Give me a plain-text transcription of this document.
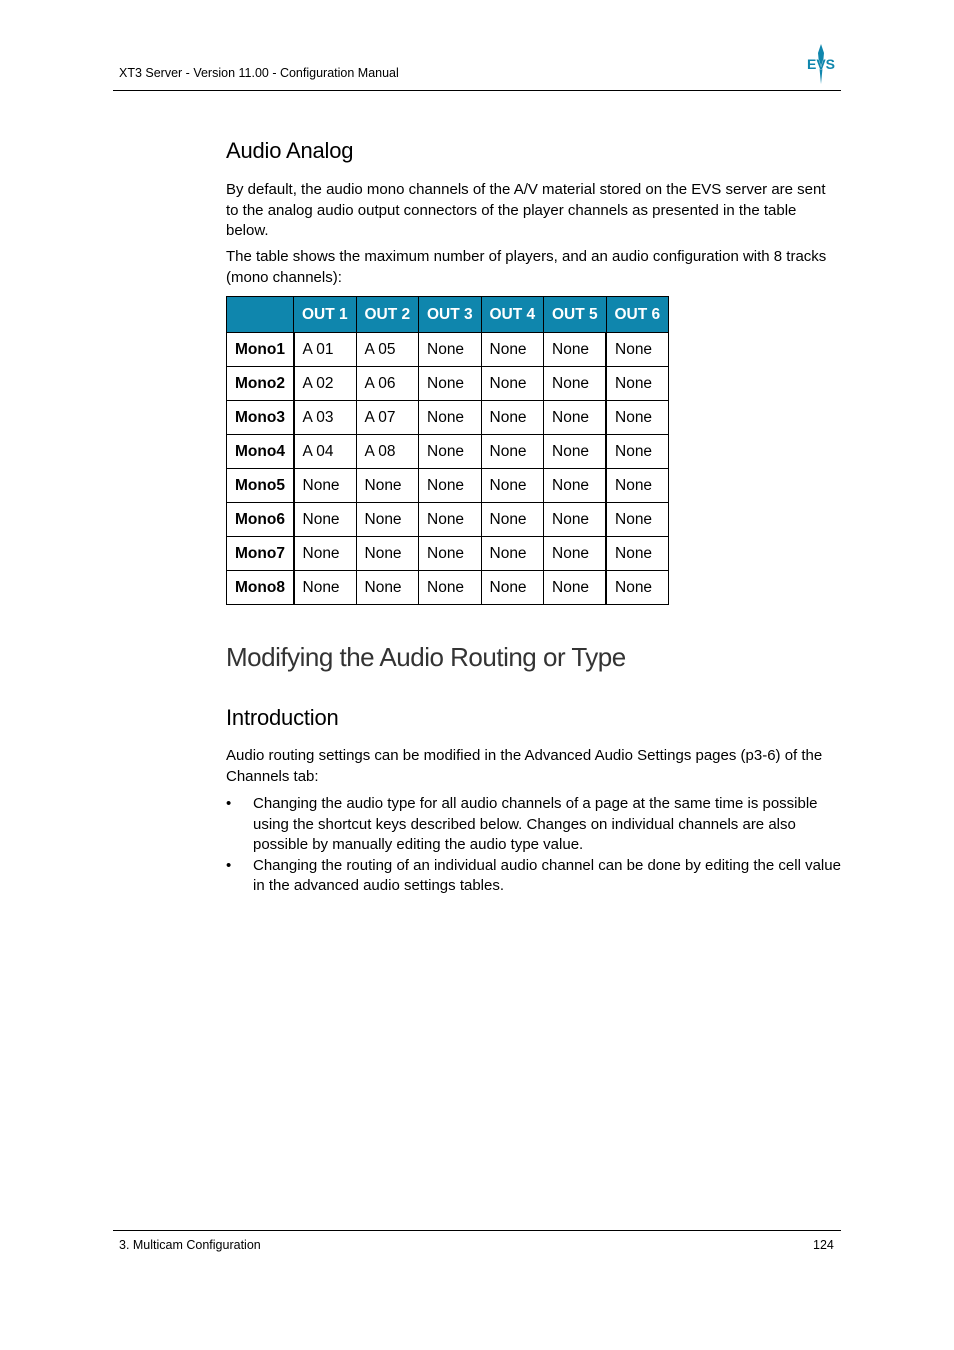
XT3 Server - Version 11.00 - Configuration Manual
EVS
Audio Analog

By default, the audio mono channels of the A/V material stored on the EVS server are sent to the analog audio output connectors of the player channels as presented in the table below.

The table shows the maximum number of players, and an audio configuration with 8 tracks (mono channels):

	OUT 1	OUT 2	OUT 3	OUT 4	OUT 5	OUT 6
Mono1	A 01	A 05	None	None	None	None
Mono2	A 02	A 06	None	None	None	None
Mono3	A 03	A 07	None	None	None	None
Mono4	A 04	A 08	None	None	None	None
Mono5	None	None	None	None	None	None
Mono6	None	None	None	None	None	None
Mono7	None	None	None	None	None	None
Mono8	None	None	None	None	None	None
Modifying the Audio Routing or Type
Introduction

Audio routing settings can be modified in the Advanced Audio Settings pages (p3-6) of the Channels tab:

• Changing the audio type for all audio channels of a page at the same time is possible using the shortcut keys described below. Changes on individual channels are also possible by manually editing the audio type value.
• Changing the routing of an individual audio channel can be done by editing the cell value in the advanced audio settings tables.
3. Multicam Configuration	124
